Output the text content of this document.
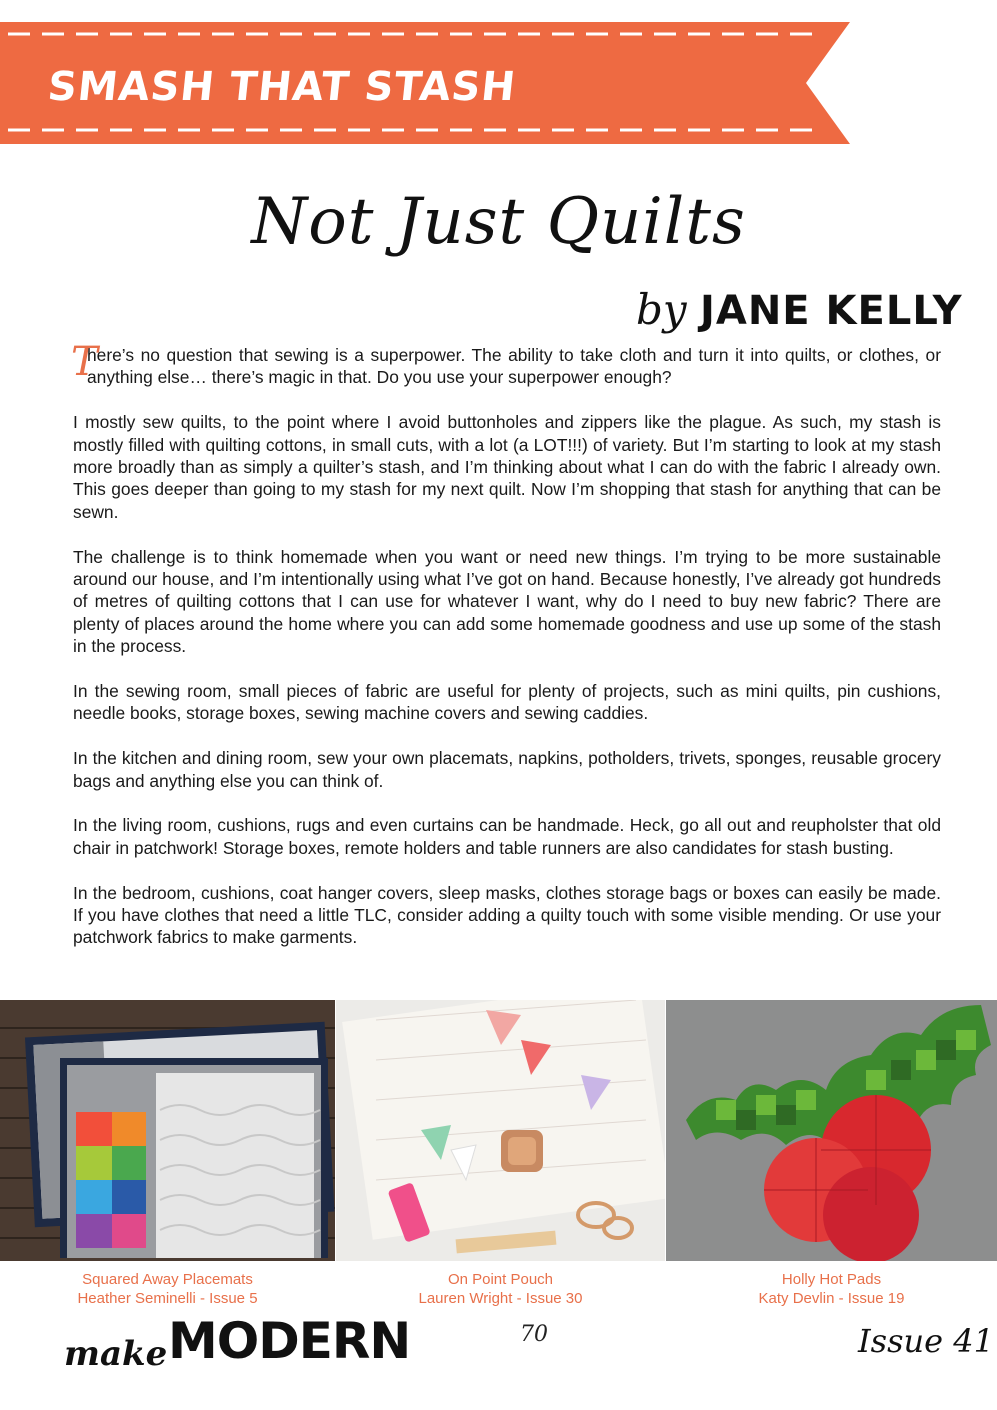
SMASH THAT STASH
Not Just Quilts
by JANE KELLY

T
here’s no question that sewing is a superpower. The ability to take cloth and turn it into quilts, or clothes, or anything else… there’s magic in that. Do you use your superpower enough?

I mostly sew quilts, to the point where I avoid buttonholes and zippers like the plague. As such, my stash is mostly filled with quilting cottons, in small cuts, with a lot (a LOT!!!) of variety. But I’m starting to look at my stash more broadly than as simply a quilter’s stash, and I’m thinking about what I can do with the fabric I already own. This goes deeper than going to my stash for my next quilt. Now I’m shopping that stash for anything that can be sewn.

The challenge is to think homemade when you want or need new things. I’m trying to be more sustainable around our house, and I’m intentionally using what I’ve got on hand. Because honestly, I’ve already got hundreds of metres of quilting cottons that I can use for whatever I want, why do I need to buy new fabric? There are plenty of places around the home where you can add some homemade goodness and use up some of the stash in the process.

In the sewing room, small pieces of fabric are useful for plenty of projects, such as mini quilts, pin cushions, needle books, storage boxes, sewing machine covers and sewing caddies.

In the kitchen and dining room, sew your own placemats, napkins, potholders, trivets, sponges, reusable grocery bags and anything else you can think of.

In the living room, cushions, rugs and even curtains can be handmade. Heck, go all out and reupholster that old chair in patchwork! Storage boxes, remote holders and table runners are also candidates for stash busting.

In the bedroom, cushions, coat hanger covers, sleep masks, clothes storage bags or boxes can easily be made. If you have clothes that need a little TLC, consider adding a quilty touch with some visible mending. Or use your patchwork fabrics to make garments.

Squared Away Placemats
Heather Seminelli - Issue 5
On Point Pouch
Lauren Wright - Issue 30
Holly Hot Pads
Katy Devlin - Issue 19
make MODERN	70	Issue 41
